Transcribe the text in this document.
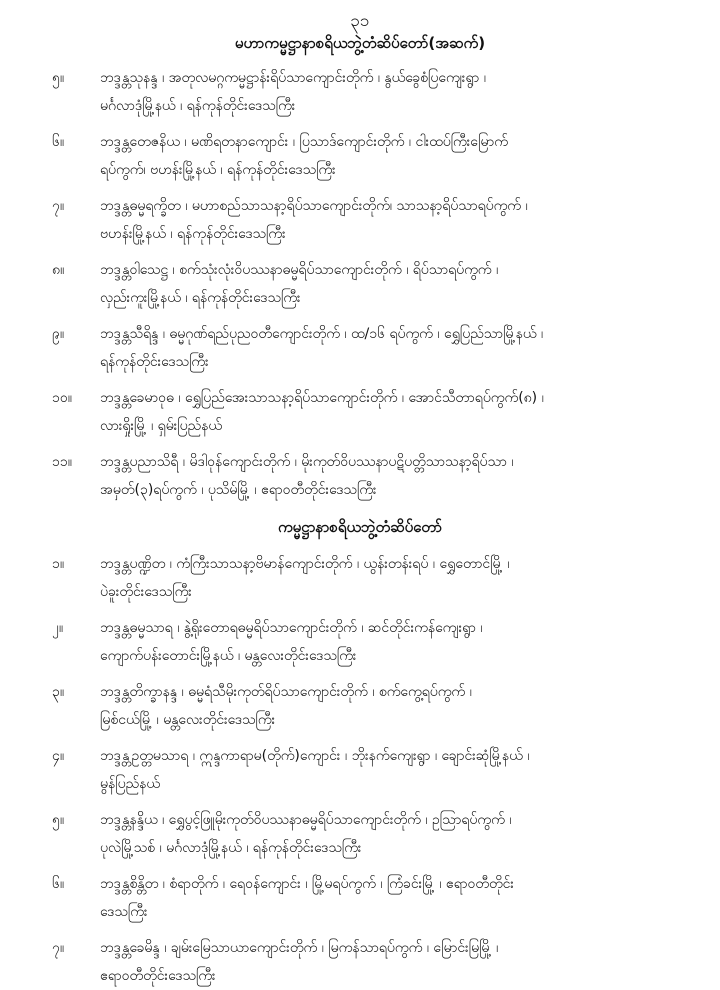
၃၁
မဟာကမ္မဋ္ဌာနာစရိယဘွဲ့တံဆိပ်တော်(အဆက်)
၅။	ဘဒ္ဒန္တသုနန္ဒ ၊ အတုလမဂ္ဂကမ္မဋ္ဌာန်းရိပ်သာကျောင်းတိုက် ၊ နွယ်ခွေစံပြကျေးရွာ ၊
မင်္ဂလာဒုံမြို့နယ် ၊ ရန်ကုန်တိုင်းဒေသကြီး
၆။	ဘဒ္ဒန္တတေဇနိယ ၊ မဏိရတနာကျောင်း ၊ ပြသာဒ်ကျောင်းတိုက် ၊ ငါးထပ်ကြီးမြောက်
ရပ်ကွက်၊ ဗဟန်းမြို့နယ် ၊ ရန်ကုန်တိုင်းဒေသကြီး
၇။	ဘဒ္ဒန္တဓမ္မရက္ခိတ ၊ မဟာစည်သာသနာ့ရိပ်သာကျောင်းတိုက်၊ သာသနာ့ရိပ်သာရပ်ကွက် ၊
ဗဟန်းမြို့နယ် ၊ ရန်ကုန်တိုင်းဒေသကြီး
၈။	ဘဒ္ဒန္တဝါသေဋ္ဌ ၊ စက်သုံးလုံးဝိပဿနာဓမ္မရိပ်သာကျောင်းတိုက် ၊ ရိပ်သာရပ်ကွက် ၊
လှည်းကူးမြို့နယ် ၊ ရန်ကုန်တိုင်းဒေသကြီး
၉။	ဘဒ္ဒန္တသီရိန္ဒ ၊ ဓမ္မဂုဏ်ရည်ပုညဝတီကျောင်းတိုက် ၊ ထ/၁၆ ရပ်ကွက် ၊ ရွှေပြည်သာမြို့နယ် ၊
ရန်ကုန်တိုင်းဒေသကြီး
၁၀။	ဘဒ္ဒန္တခေမာဝုဓ ၊ ရွှေပြည်အေးသာသနာ့ရိပ်သာကျောင်းတိုက် ၊ အောင်သီတာရပ်ကွက်(၈) ၊
လားရှိုးမြို့ ၊ ရှမ်းပြည်နယ်
၁၁။	ဘဒ္ဒန္တပညာသိရီ ၊ မိဒါဝုန်ကျောင်းတိုက် ၊ မိုးကုတ်ဝိပဿနာပဋိပတ္တိသာသနာ့ရိပ်သာ ၊
အမှတ်(၃)ရပ်ကွက် ၊ ပုသိမ်မြို့ ၊ ဧရာဝတီတိုင်းဒေသကြီး
ကမ္မဋ္ဌာနာစရိယဘွဲ့တံဆိပ်တော်
၁။	ဘဒ္ဒန္တပဏ္ဍိတ ၊ ကံကြီးသာသနာ့ဗိမာန်ကျောင်းတိုက် ၊ ယွန်းတန်းရပ် ၊ ရွှေတောင်မြို့ ၊
ပဲခူးတိုင်းဒေသကြီး
၂။	ဘဒ္ဒန္တဓမ္မသာရ ၊ နွဲ့ရိုးတောရဓမ္မရိပ်သာကျောင်းတိုက် ၊ ဆင်တိုင်းကန်ကျေးရွာ ၊
ကျောက်ပန်းတောင်းမြို့နယ် ၊ မန္တလေးတိုင်းဒေသကြီး
၃။	ဘဒ္ဒန္တတိက္ခာနန္ဒ ၊ ဓမ္မရံသီမိုးကုတ်ရိပ်သာကျောင်းတိုက် ၊ စက်ကွေ့ရပ်ကွက် ၊
မြစ်ငယ်မြို့ ၊ မန္တလေးတိုင်းဒေသကြီး
၄။	ဘဒ္ဒန္တဥတ္တမသာရ ၊ ဣန္ဒကာရာမ(တိုက်)ကျောင်း ၊ ဘိုးနက်ကျေးရွာ ၊ ချောင်းဆုံမြို့နယ် ၊
မွန်ပြည်နယ်
၅။	ဘဒ္ဒန္တနန္ဒိယ ၊ ရွှေပွင့်ဖြူမိုးကုတ်ဝိပဿနာဓမ္မရိပ်သာကျောင်းတိုက် ၊ ဥဩာရပ်ကွက် ၊
ပုလဲမြို့သစ် ၊ မင်္ဂလာဒုံမြို့နယ် ၊ ရန်ကုန်တိုင်းဒေသကြီး
၆။	ဘဒ္ဒန္တစိန္တိတ ၊ စံရာတိုက် ၊ ရေဝန်ကျောင်း ၊ မြို့မရပ်ကွက် ၊ ကြံခင်းမြို့ ၊ ဧရာဝတီတိုင်း
ဒေသကြီး
၇။	ဘဒ္ဒန္တခေမိန္ဒ ၊ ချမ်းမြေသာယာကျောင်းတိုက် ၊ မြကန်သာရပ်ကွက် ၊ မြောင်းမြမြို့ ၊
ဧရာဝတီတိုင်းဒေသကြီး
